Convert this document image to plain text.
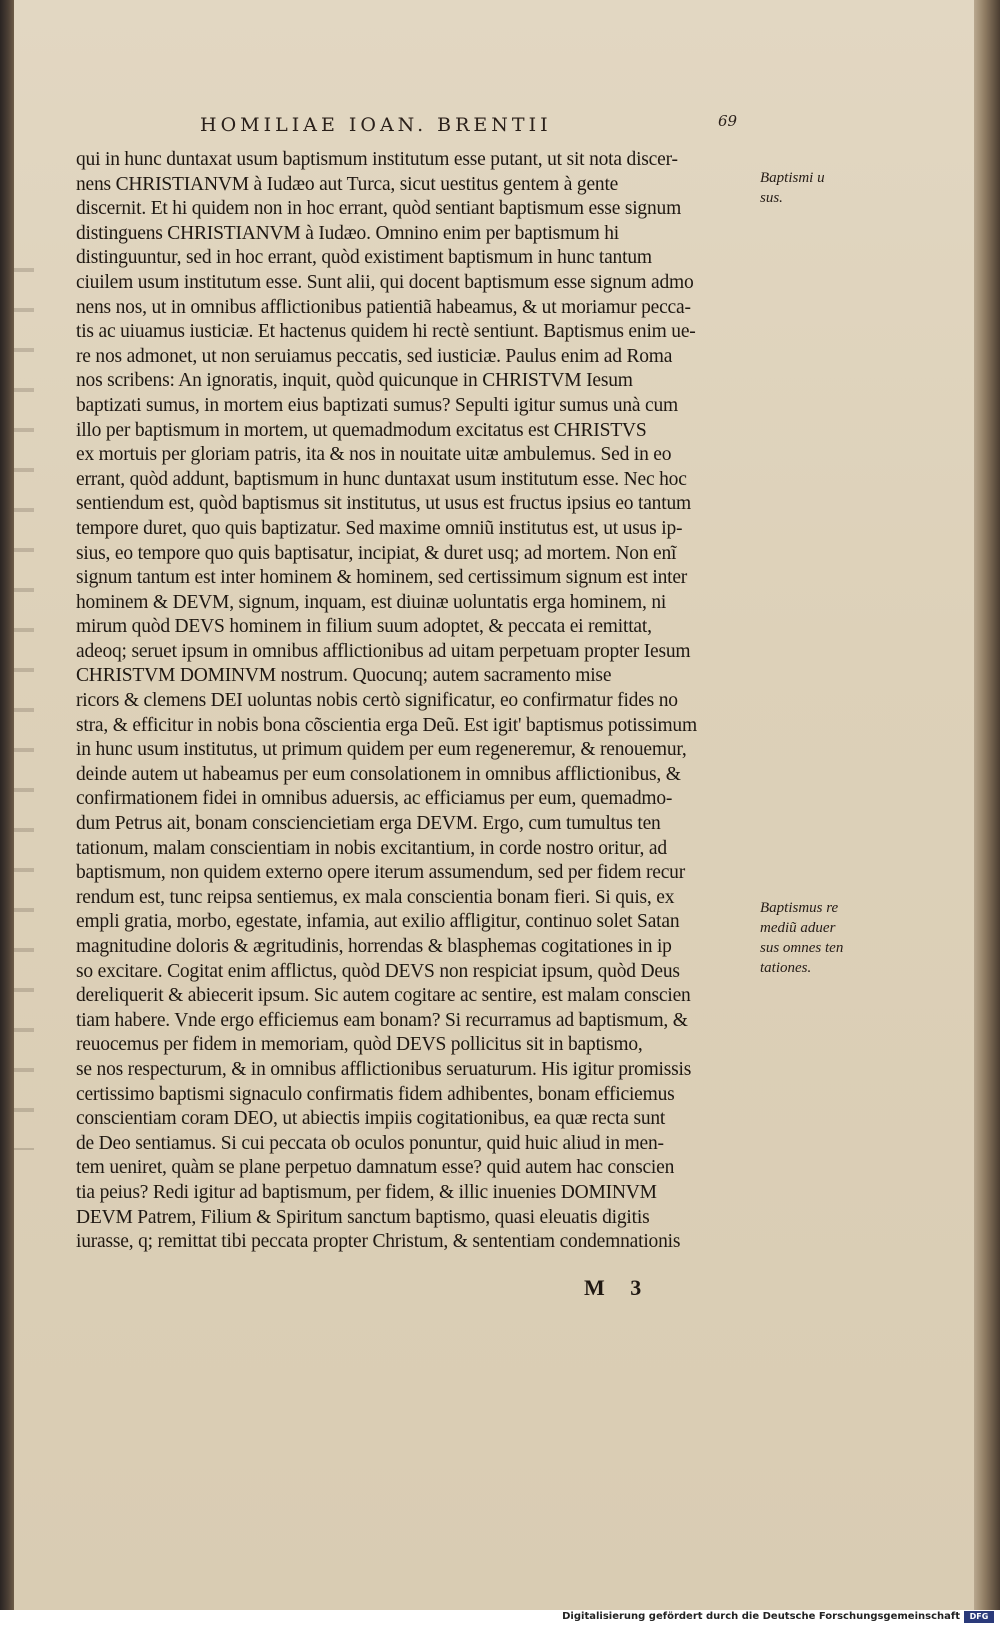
HOMILIAE IOAN. BRENTII	69
qui in hunc duntaxat usum baptismum institutum esse putant, ut sit nota discer-
nens CHRISTIANVM à Iudæo aut Turca, sicut uestitus gentem à gente
discernit. Et hi quidem non in hoc errant, quòd sentiant baptismum esse signum
distinguens CHRISTIANVM à Iudæo. Omnino enim per baptismum hi
distinguuntur, sed in hoc errant, quòd existiment baptismum in hunc tantum
ciuilem usum institutum esse. Sunt alii, qui docent baptismum esse signum admo
nens nos, ut in omnibus afflictionibus patientiã habeamus, & ut moriamur pecca-
tis ac uiuamus iusticiæ. Et hactenus quidem hi rectè sentiunt. Baptismus enim ue-
re nos admonet, ut non seruiamus peccatis, sed iusticiæ. Paulus enim ad Roma
nos scribens: An ignoratis, inquit, quòd quicunque in CHRISTVM Iesum
baptizati sumus, in mortem eius baptizati sumus? Sepulti igitur sumus unà cum
illo per baptismum in mortem, ut quemadmodum excitatus est CHRISTVS
ex mortuis per gloriam patris, ita & nos in nouitate uitæ ambulemus. Sed in eo
errant, quòd addunt, baptismum in hunc duntaxat usum institutum esse. Nec hoc
sentiendum est, quòd baptismus sit institutus, ut usus est fructus ipsius eo tantum
tempore duret, quo quis baptizatur. Sed maxime omniũ institutus est, ut usus ip-
sius, eo tempore quo quis baptisatur, incipiat, & duret usq; ad mortem. Non enĩ
signum tantum est inter hominem & hominem, sed certissimum signum est inter
hominem & DEVM, signum, inquam, est diuinæ uoluntatis erga hominem, ni
mirum quòd DEVS hominem in filium suum adoptet, & peccata ei remittat,
adeoq; seruet ipsum in omnibus afflictionibus ad uitam perpetuam propter Iesum
CHRISTVM DOMINVM nostrum. Quocunq; autem sacramento mise
ricors & clemens DEI uoluntas nobis certò significatur, eo confirmatur fides no
stra, & efficitur in nobis bona cõscientia erga Deũ. Est igit' baptismus potissimum
in hunc usum institutus, ut primum quidem per eum regeneremur, & renouemur,
deinde autem ut habeamus per eum consolationem in omnibus afflictionibus, &
confirmationem fidei in omnibus aduersis, ac efficiamus per eum, quemadmo-
dum Petrus ait, bonam consciencietiam erga DEVM. Ergo, cum tumultus ten
tationum, malam conscientiam in nobis excitantium, in corde nostro oritur, ad
baptismum, non quidem externo opere iterum assumendum, sed per fidem recur
rendum est, tunc reipsa sentiemus, ex mala conscientia bonam fieri. Si quis, ex
empli gratia, morbo, egestate, infamia, aut exilio affligitur, continuo solet Satan
magnitudine doloris & ægritudinis, horrendas & blasphemas cogitationes in ip
so excitare. Cogitat enim afflictus, quòd DEVS non respiciat ipsum, quòd Deus
dereliquerit & abiecerit ipsum. Sic autem cogitare ac sentire, est malam conscien
tiam habere. Vnde ergo efficiemus eam bonam? Si recurramus ad baptismum, &
reuocemus per fidem in memoriam, quòd DEVS pollicitus sit in baptismo,
se nos respecturum, & in omnibus afflictionibus seruaturum. His igitur promissis
certissimo baptismi signaculo confirmatis fidem adhibentes, bonam efficiemus
conscientiam coram DEO, ut abiectis impiis cogitationibus, ea quæ recta sunt
de Deo sentiamus. Si cui peccata ob oculos ponuntur, quid huic aliud in men-
tem ueniret, quàm se plane perpetuo damnatum esse? quid autem hac conscien
tia peius? Redi igitur ad baptismum, per fidem, & illic inuenies DOMINVM
DEVM Patrem, Filium & Spiritum sanctum baptismo, quasi eleuatis digitis
iurasse, q; remittat tibi peccata propter Christum, & sententiam condemnationis
Baptismi u
sus.
Baptismus re
mediũ aduer
sus omnes ten
tationes.
M 3
Digitalisierung gefördert durch die Deutsche Forschungsgemeinschaft	DFG
